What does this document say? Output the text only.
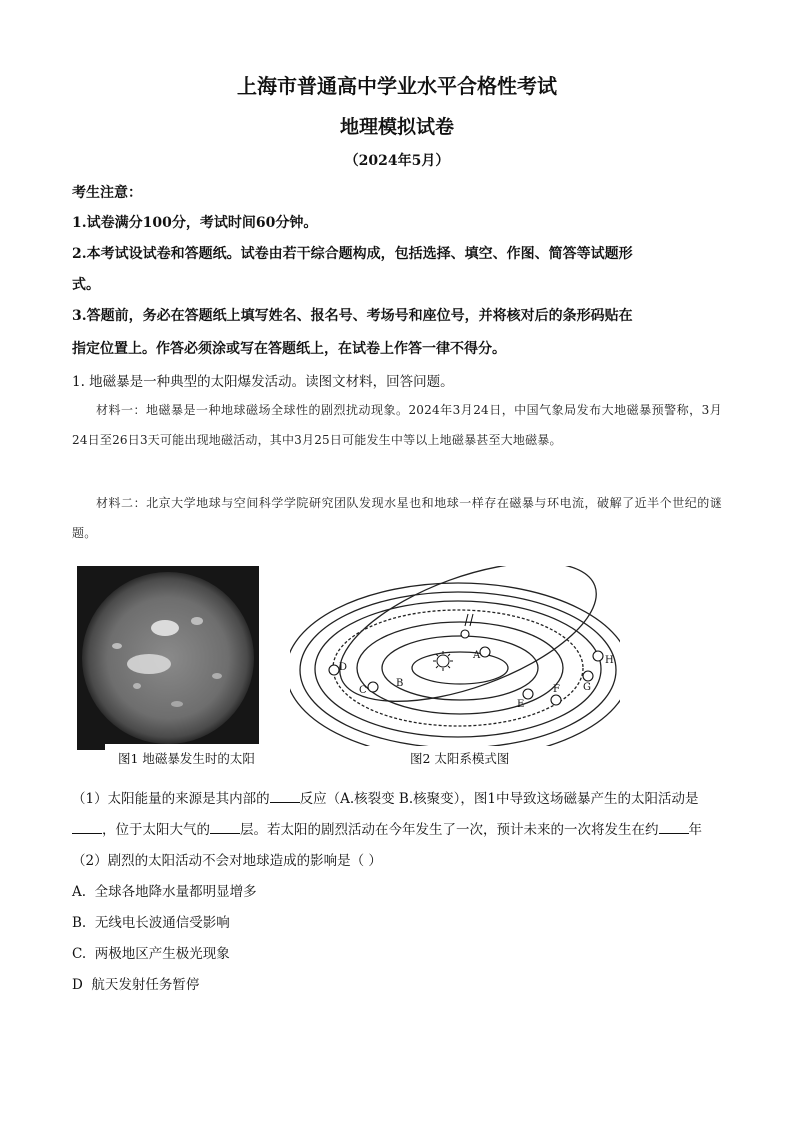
上海市普通高中学业水平合格性考试
地理模拟试卷
（2024年5月）
考生注意：
1.试卷满分100分，考试时间60分钟。
2.本考试设试卷和答题纸。试卷由若干综合题构成，包括选择、填空、作图、简答等试题形
式。
3.答题前，务必在答题纸上填写姓名、报名号、考场号和座位号，并将核对后的条形码贴在
指定位置上。作答必须涂或写在答题纸上，在试卷上作答一律不得分。
1. 地磁暴是一种典型的太阳爆发活动。读图文材料，回答问题。
材料一：地磁暴是一种地球磁场全球性的剧烈扰动现象。2024年3月24日，中国气象局发布大地磁暴预警称，3月24日至26日3天可能出现地磁活动，其中3月25日可能发生中等以上地磁暴甚至大地磁暴。
材料二：北京大学地球与空间科学学院研究团队发现水星也和地球一样存在磁暴与环电流，破解了近半个世纪的谜题。
图1 地磁暴发生时的太阳
A
B
C
D
E
F G
H
图2 太阳系模式图
（1）太阳能量的来源是其内部的 反应（A.核裂变 B.核聚变），图1中导致这场磁暴产生的太阳活动是
，位于太阳大气的 层。若太阳的剧烈活动在今年发生了一次，预计未来的一次将发生在约 年
（2）剧烈的太阳活动不会对地球造成的影响是（ ）
A. 全球各地降水量都明显增多
B. 无线电长波通信受影响
C. 两极地区产生极光现象
D 航天发射任务暂停
